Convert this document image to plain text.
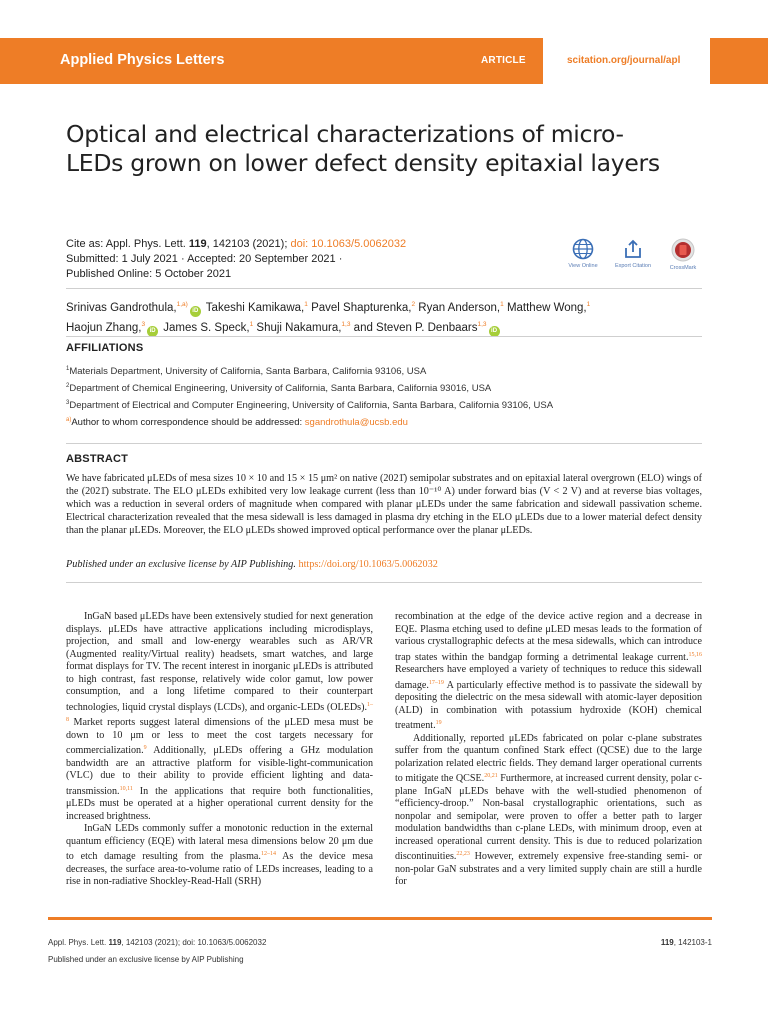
Applied Physics Letters	ARTICLE	scitation.org/journal/apl
Optical and electrical characterizations of micro-LEDs grown on lower defect density epitaxial layers
Cite as: Appl. Phys. Lett. 119, 142103 (2021); doi: 10.1063/5.0062032
Submitted: 1 July 2021 · Accepted: 20 September 2021 ·
Published Online: 5 October 2021
View Online	Export Citation	CrossMark
Srinivas Gandrothula,$^{1,a)}$iD Takeshi Kamikawa,$^1$ Pavel Shapturenka,$^2$ Ryan Anderson,$^1$ Matthew Wong,$^1$
Haojun Zhang,$^3$iD James S. Speck,$^1$ Shuji Nakamura,$^{1,3}$ and Steven P. Denbaars$^{1,3}$iD
AFFILIATIONS
$^1$Materials Department, University of California, Santa Barbara, California 93106, USA
$^2$Department of Chemical Engineering, University of California, Santa Barbara, California 93016, USA
$^3$Department of Electrical and Computer Engineering, University of California, Santa Barbara, California 93106, USA
$^{a)}$Author to whom correspondence should be addressed: sgandrothula@ucsb.edu
ABSTRACT
We have fabricated μLEDs of mesa sizes 10 × 10 and 15 × 15 μm² on native (2021̄) semipolar substrates and on epitaxial lateral overgrown (ELO) wings of the (2021̄) substrate. The ELO μLEDs exhibited very low leakage current (less than 10⁻¹⁰ A) under forward bias (V < 2 V) and at reverse bias voltages, which was a reduction in several orders of magnitude when compared with planar μLEDs under the same fabrication and sidewall passivation scheme. Electrical characterization revealed that the mesa sidewall is less damaged in plasma dry etching in the ELO μLEDs due to a lower material defect density than the planar μLEDs. Moreover, the ELO μLEDs showed improved optical performance over the planar μLEDs.
Published under an exclusive license by AIP Publishing. https://doi.org/10.1063/5.0062032

InGaN based μLEDs have been extensively studied for next generation displays. μLEDs have attractive applications including microdisplays, projection, and small and low-energy wearables such as AR/VR (Augmented reality/Virtual reality) headsets, smart watches, and large format displays for TV. The recent interest in inorganic μLEDs is attributed to high contrast, fast response, relatively wide color gamut, low power consumption, and a long lifetime compared to their counterpart technologies, liquid crystal displays (LCDs), and organic-LEDs (OLEDs).$^{1-8}$ Market reports suggest lateral dimensions of the μLED mesa must be down to 10 μm or less to meet the cost targets necessary for commercialization.$^9$ Additionally, μLEDs offering a GHz modulation bandwidth are an attractive platform for visible-light-communication (VLC) due to their ability to provide efficient lighting and data-transmission.$^{10,11}$ In the applications that require both functionalities, μLEDs must be operated at a higher operational current density for the increased brightness.

InGaN LEDs commonly suffer a monotonic reduction in the external quantum efficiency (EQE) with lateral mesa dimensions below 20 μm due to etch damage resulting from the plasma.$^{12-14}$ As the device mesa decreases, the surface area-to-volume ratio of LEDs increases, leading to a rise in non-radiative Shockley-Read-Hall (SRH)

recombination at the edge of the device active region and a decrease in EQE. Plasma etching used to define μLED mesas leads to the formation of various crystallographic defects at the mesa sidewalls, which can introduce trap states within the bandgap forming a detrimental leakage current.$^{15,16}$ Researchers have employed a variety of techniques to reduce this sidewall damage.$^{17-19}$ A particularly effective method is to passivate the sidewall by depositing the dielectric on the mesa sidewall with atomic-layer deposition (ALD) in combination with potassium hydroxide (KOH) chemical treatment.$^{19}$

Additionally, reported μLEDs fabricated on polar c-plane substrates suffer from the quantum confined Stark effect (QCSE) due to the large polarization related electric fields. They demand larger operational currents to mitigate the QCSE.$^{20,21}$ Furthermore, at increased current density, polar c-plane InGaN μLEDs behave with the well-studied phenomenon of “efficiency-droop.” Non-basal crystallographic orientations, such as nonpolar and semipolar, were proven to offer a better path to larger modulation bandwidths than c-plane LEDs, with minimum droop, even at increased operational current density. This is due to reduced polarization discontinuities.$^{22,23}$ However, extremely expensive free-standing semi- or non-polar GaN substrates and a very limited supply chain are still a hurdle for

Appl. Phys. Lett. 119, 142103 (2021); doi: 10.1063/5.0062032	119, 142103-1
Published under an exclusive license by AIP Publishing
